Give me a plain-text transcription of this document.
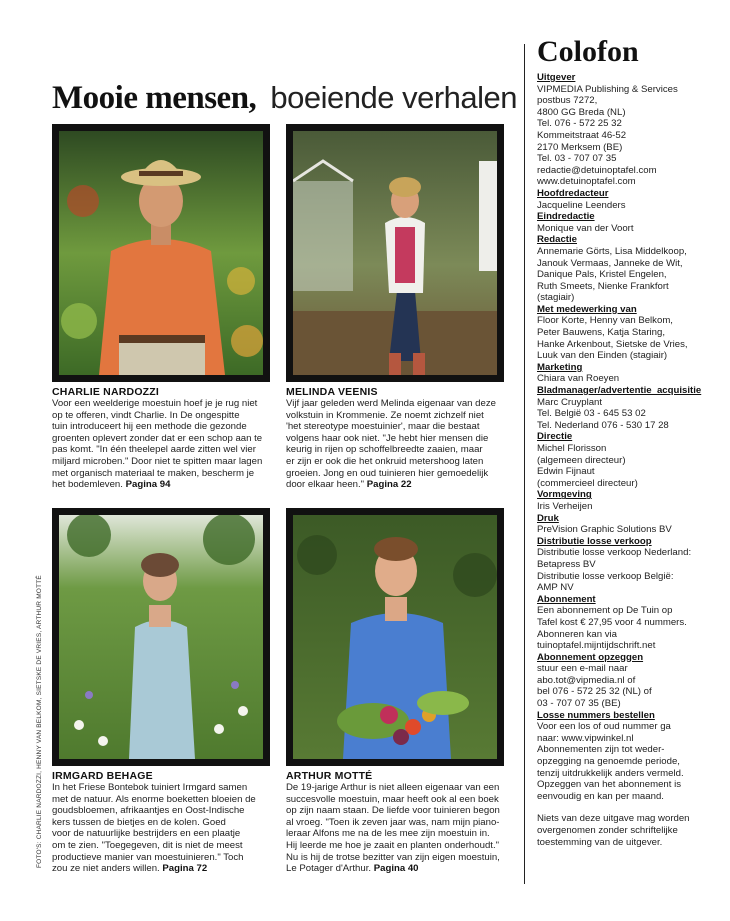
Mooie mensen, boeiende verhalen
CHARLIE NARDOZZI
Voor een weelderige moestuin hoef je je rug niet
op te offeren, vindt Charlie. In De ongespitte
tuin introduceert hij een methode die gezonde
groenten oplevert zonder dat er een schop aan te
pas komt. "In één theelepel aarde zitten wel vier
miljard microben." Door niet te spitten maar lagen
met organisch materiaal te maken, bescherm je
het bodemleven. Pagina 94
MELINDA VEENIS
Vijf jaar geleden werd Melinda eigenaar van deze
volkstuin in Krommenie. Ze noemt zichzelf niet
'het stereotype moestuinier', maar die bestaat
volgens haar ook niet. "Je hebt hier mensen die
keurig in rijen op schoffelbreedte zaaien, maar
er zijn er ook die het onkruid metershoog laten
groeien. Jong en oud tuinieren hier gemoedelijk
door elkaar heen." Pagina 22
IRMGARD BEHAGE
In het Friese Bontebok tuiniert Irmgard samen
met de natuur. Als enorme boeketten bloeien de
goudsbloemen, afrikaantjes en Oost-Indische
kers tussen de bietjes en de kolen. Goed
voor de natuurlijke bestrijders en een plaatje
om te zien. "Toegegeven, dit is niet de meest
productieve manier van moestuinieren." Toch
zou ze niet anders willen. Pagina 72
ARTHUR MOTTÉ
De 19-jarige Arthur is niet alleen eigenaar van een
succesvolle moestuin, maar heeft ook al een boek
op zijn naam staan. De liefde voor tuinieren begon
al vroeg. "Toen ik zeven jaar was, nam mijn piano-
leraar Alfons me na de les mee zijn moestuin in.
Hij leerde me hoe je zaait en planten onderhoudt."
Nu is hij de trotse bezitter van zijn eigen moestuin,
Le Potager d'Arthur. Pagina 40
FOTO'S: CHARLIE NARDOZZI, HENNY VAN BELKOM, SIETSKE DE VRIES, ARTHUR MOTTÉ
Colofon
Uitgever
VIPMEDIA Publishing & Services
postbus 7272,
4800 GG Breda (NL)
Tel. 076 - 572 25 32
Kommeitstraat 46-52
2170 Merksem (BE)
Tel. 03 - 707 07 35
redactie@detuinoptafel.com
www.detuinoptafel.com
Hoofdredacteur
Jacqueline Leenders
Eindredactie
Monique van der Voort
Redactie
Annemarie Görts, Lisa Middelkoop,
Janouk Vermaas, Janneke de Wit,
Danique Pals, Kristel Engelen,
Ruth Smeets, Nienke Frankfort
(stagiair)
Met medewerking van
Floor Korte, Henny van Belkom,
Peter Bauwens, Katja Staring,
Hanke Arkenbout, Sietske de Vries,
Luuk van den Einden (stagiair)
Marketing
Chiara van Roeyen
Bladmanager/advertentie  acquisitie
Marc Cruyplant
Tel. België 03 - 645 53 02
Tel. Nederland 076 - 530 17 28
Directie
Michel Florisson
(algemeen directeur)
Edwin Fijnaut
(commercieel directeur)
Vormgeving
Iris Verheijen
Druk
PreVision Graphic Solutions BV
Distributie losse verkoop
Distributie losse verkoop Nederland:
Betapress BV
Distributie losse verkoop België:
AMP NV
Abonnement
Een abonnement op De Tuin op
Tafel kost € 27,95 voor 4 nummers.
Abonneren kan via
tuinoptafel.mijntijdschrift.net
Abonnement opzeggen
stuur een e-mail naar
abo.tot@vipmedia.nl of
bel 076 - 572 25 32 (NL) of
03 - 707 07 35 (BE)
Losse nummers bestellen
Voor een los of oud nummer ga
naar: www.vipwinkel.nl
Abonnementen zijn tot weder-
opzegging na genoemde periode,
tenzij uitdrukkelijk anders vermeld.
Opzeggen van het abonnement is
eenvoudig en kan per maand.
Niets van deze uitgave mag worden
overgenomen zonder schriftelijke
toestemming van de uitgever.
